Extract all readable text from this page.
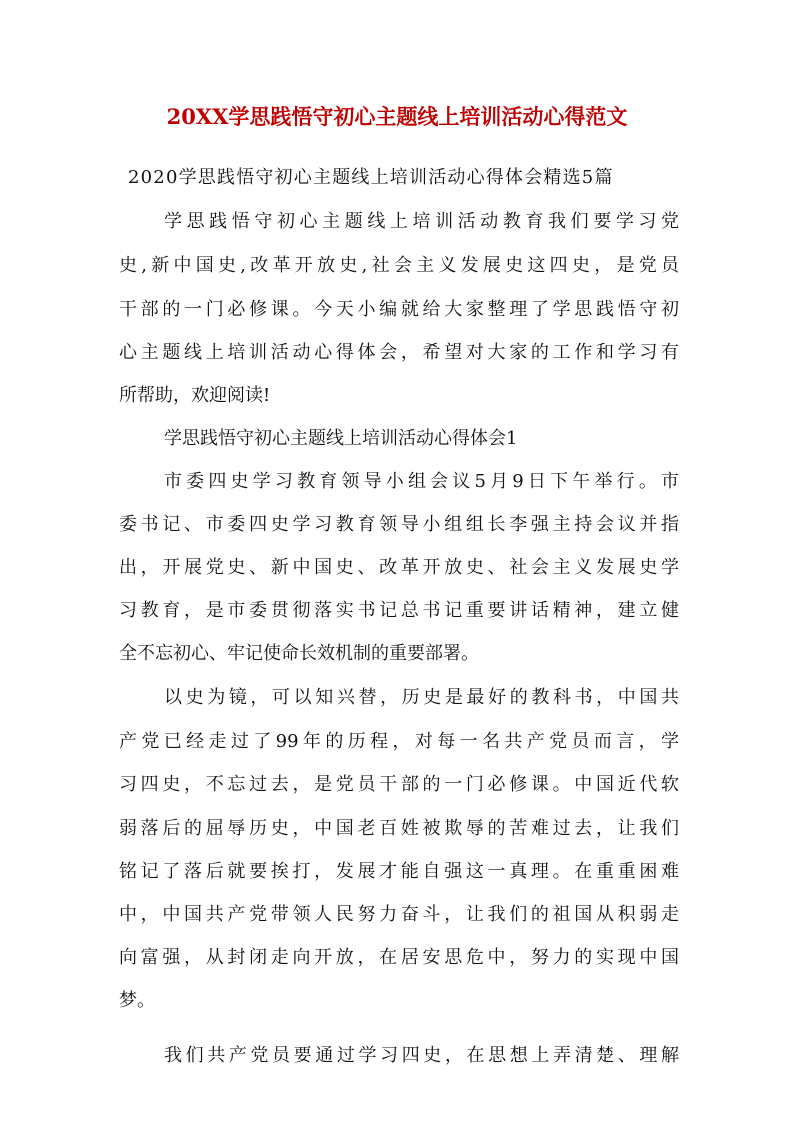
20XX学思践悟守初心主题线上培训活动心得范文
2020学思践悟守初心主题线上培训活动心得体会精选5篇
学思践悟守初心主题线上培训活动教育我们要学习党
史,新中国史,改革开放史,社会主义发展史这四史，是党员
干部的一门必修课。今天小编就给大家整理了学思践悟守初
心主题线上培训活动心得体会，希望对大家的工作和学习有
所帮助，欢迎阅读!
学思践悟守初心主题线上培训活动心得体会1
市委四史学习教育领导小组会议5月9日下午举行。市
委书记、市委四史学习教育领导小组组长李强主持会议并指
出，开展党史、新中国史、改革开放史、社会主义发展史学
习教育，是市委贯彻落实书记总书记重要讲话精神，建立健
全不忘初心、牢记使命长效机制的重要部署。
以史为镜，可以知兴替，历史是最好的教科书，中国共
产党已经走过了99年的历程，对每一名共产党员而言，学
习四史，不忘过去，是党员干部的一门必修课。中国近代软
弱落后的屈辱历史，中国老百姓被欺辱的苦难过去，让我们
铭记了落后就要挨打，发展才能自强这一真理。在重重困难
中，中国共产党带领人民努力奋斗，让我们的祖国从积弱走
向富强，从封闭走向开放，在居安思危中，努力的实现中国
梦。
我们共产党员要通过学习四史，在思想上弄清楚、理解
